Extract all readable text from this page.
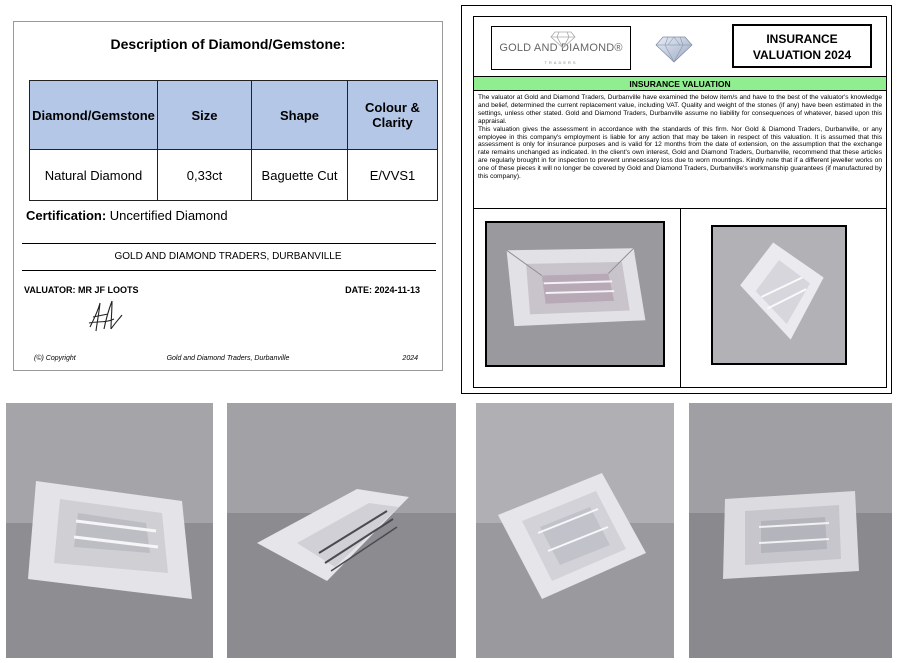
Description of Diamond/Gemstone:
Diamond/Gemstone	Size	Shape	Colour & Clarity
Natural Diamond	0,33ct	Baguette Cut	E/VVS1
Certification: Uncertified Diamond
GOLD AND DIAMOND TRADERS, DURBANVILLE
VALUATOR: MR JF LOOTS	DATE: 2024-11-13
(©) Copyright	Gold and Diamond Traders, Durbanville	2024
GOLD AND DIAMOND®
TRADERS
INSURANCE
VALUATION 2024
INSURANCE VALUATION

The valuator at Gold and Diamond Traders, Durbanville have examined the below item/s and have to the best of the valuator's knowledge and belief, determined the current replacement value, including VAT. Quality and weight of the stones (if any) have been estimated in the settings, unless other stated. Gold and Diamond Traders, Durbanville assume no liability for consequences of whatever, based upon this appraisal.

This valuation gives the assessment in accordance with the standards of this firm. Nor Gold & Diamond Traders, Durbanville, or any employee in this company's employment is liable for any action that may be taken in respect of this valuation. It is assumed that this assessment is only for insurance purposes and is valid for 12 months from the date of extension, on the assumption that the exchange rate remains unchanged as indicated. In the client's own interest, Gold and Diamond Traders, Durbanville, recommend that these articles are regularly brought in for inspection to prevent unnecessary loss due to worn mountings. Kindly note that if a different jeweller works on one of these pieces it will no longer be covered by Gold and Diamond Traders, Durbanville's workmanship guarantees (if manufactured by this company).
